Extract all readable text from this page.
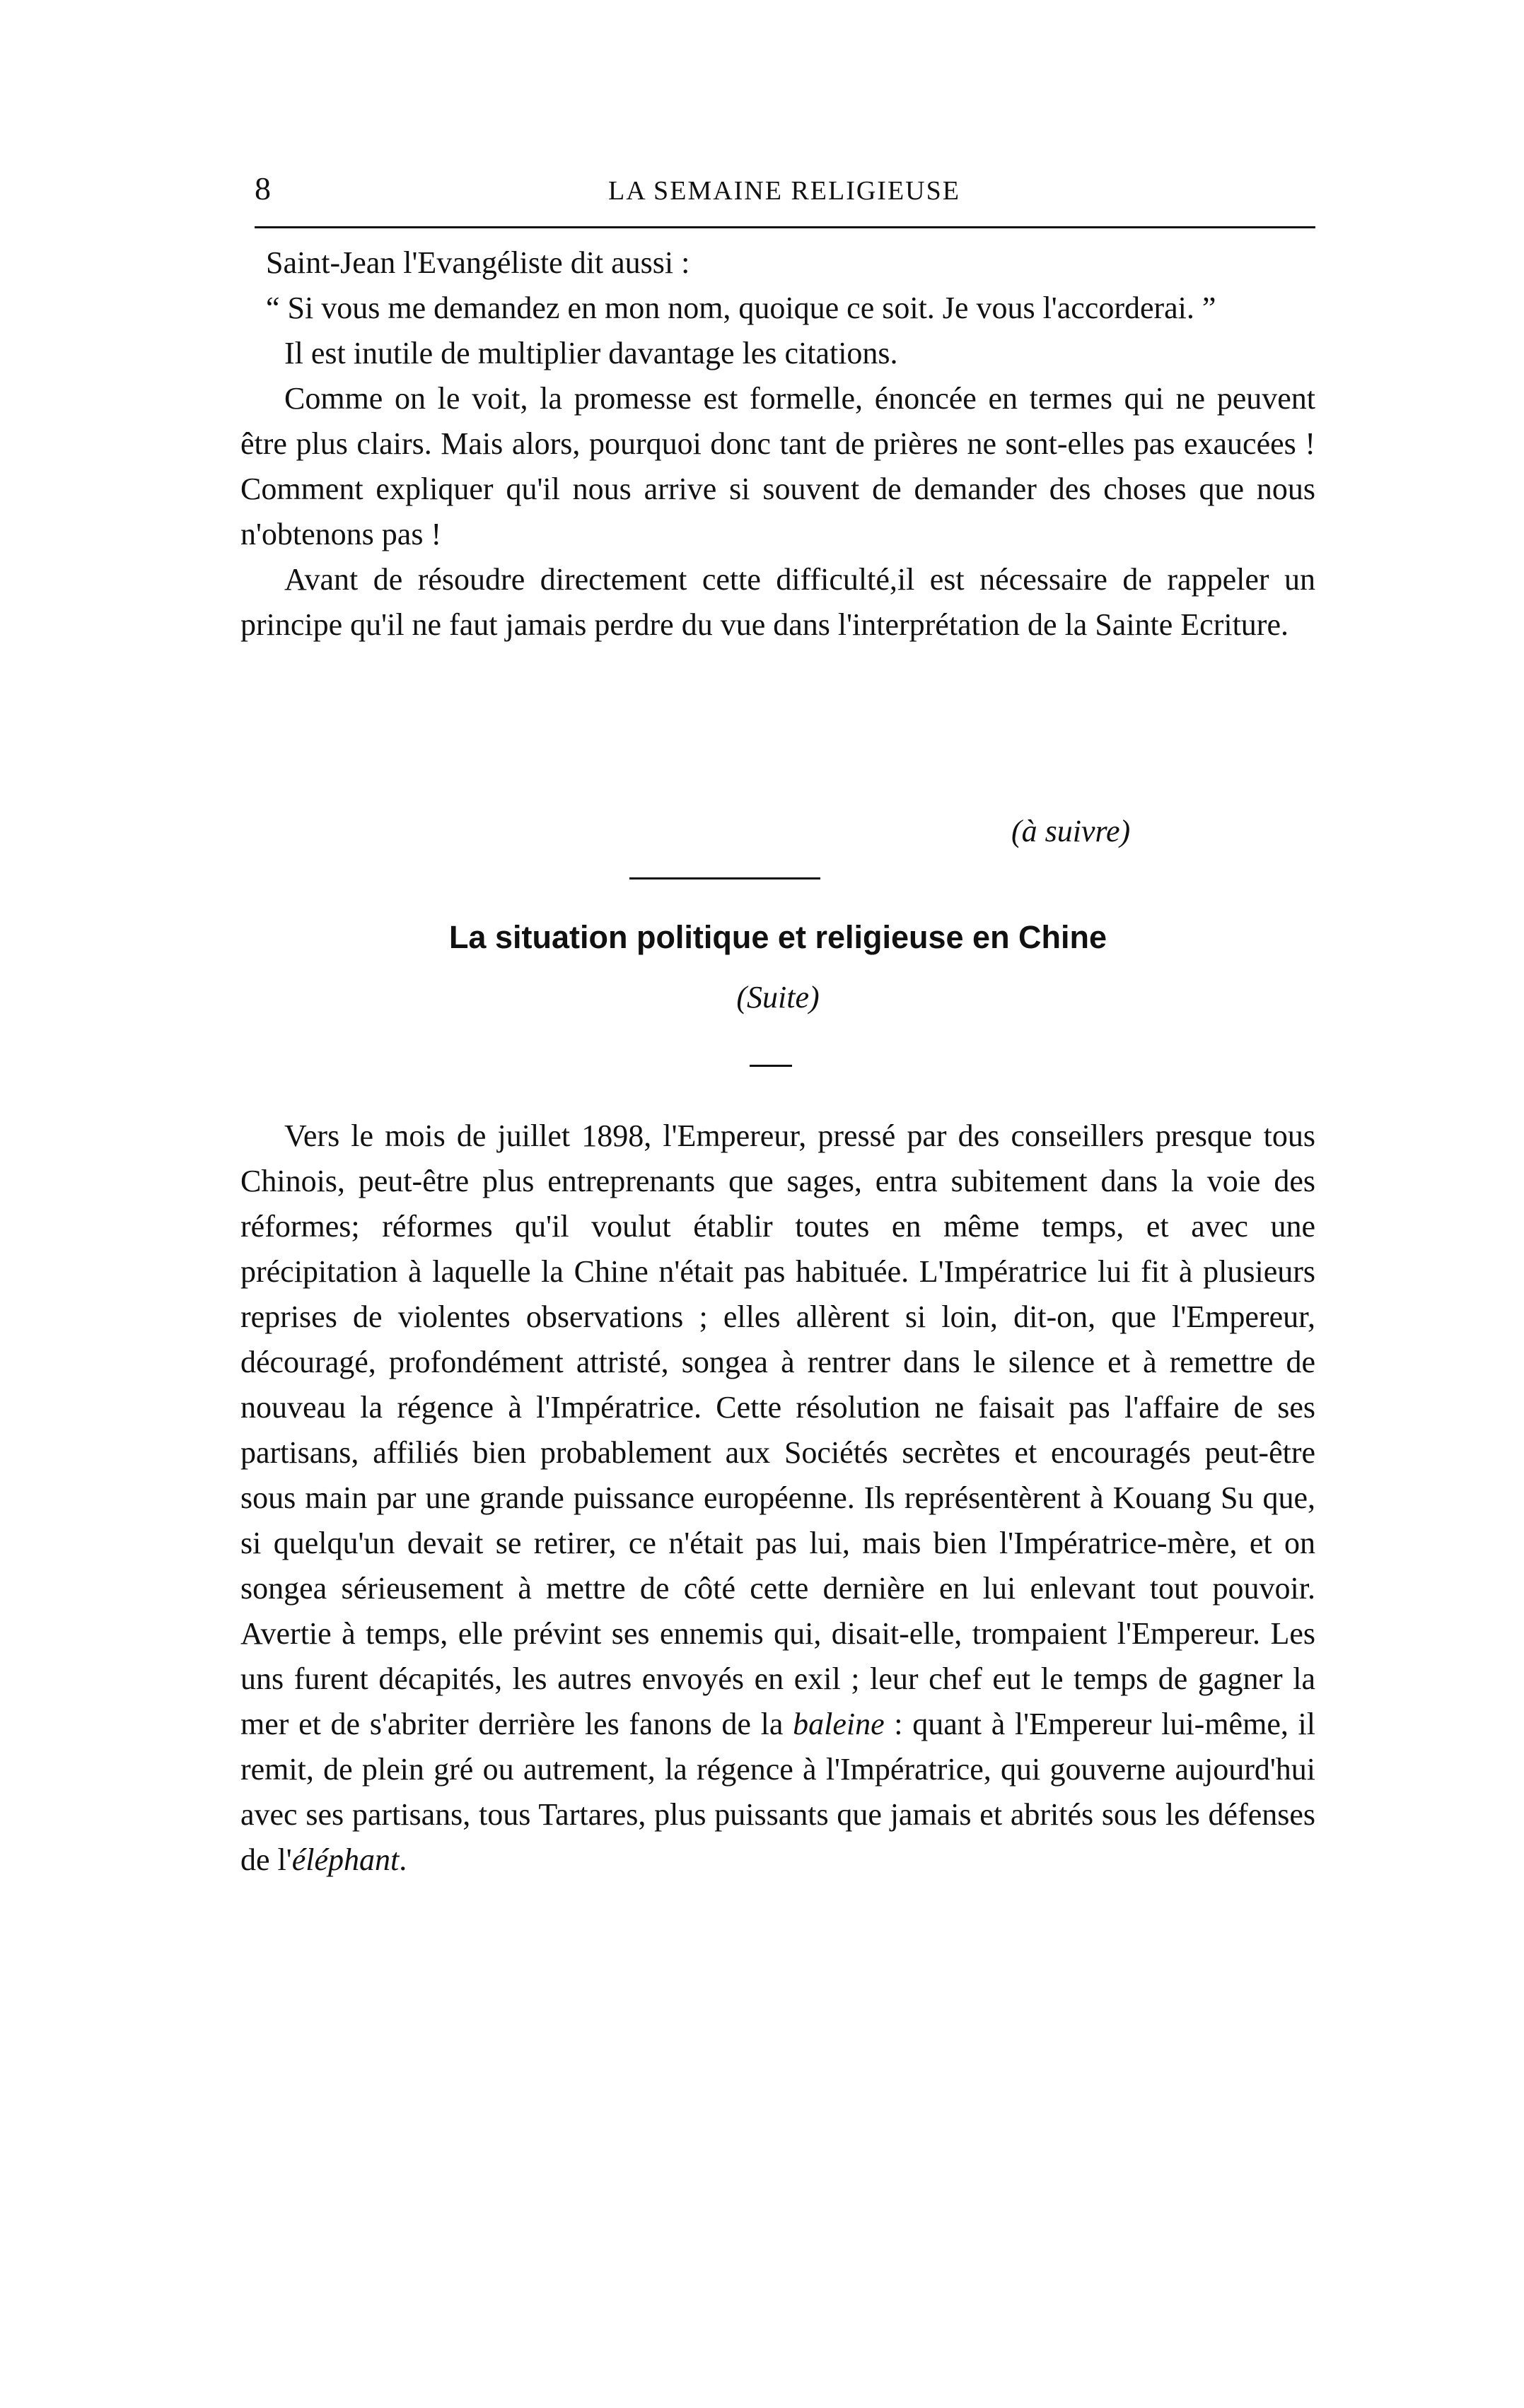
8	LA SEMAINE RELIGIEUSE

Saint-Jean l'Evangéliste dit aussi :

“ Si vous me demandez en mon nom, quoique ce soit. Je vous l'accorderai. ”

Il est inutile de multiplier davantage les citations.

Comme on le voit, la promesse est formelle, énoncée en termes qui ne peuvent être plus clairs. Mais alors, pourquoi donc tant de prières ne sont-elles pas exaucées ! Comment expliquer qu'il nous arrive si souvent de demander des choses que nous n'obtenons pas !

Avant de résoudre directement cette difficulté,il est nécessaire de rappeler un principe qu'il ne faut jamais perdre du vue dans l'interprétation de la Sainte Ecriture.

(à suivre)
La situation politique et religieuse en Chine
(Suite)

Vers le mois de juillet 1898, l'Empereur, pressé par des conseillers presque tous Chinois, peut-être plus entreprenants que sages, entra subitement dans la voie des réformes; réformes qu'il voulut établir toutes en même temps, et avec une précipitation à laquelle la Chine n'était pas habituée. L'Impératrice lui fit à plusieurs reprises de violentes observations ; elles allèrent si loin, dit-on, que l'Empereur, découragé, profondément attristé, songea à rentrer dans le silence et à remettre de nouveau la régence à l'Impératrice. Cette résolution ne faisait pas l'affaire de ses partisans, affiliés bien probablement aux Sociétés secrètes et encouragés peut-être sous main par une grande puissance européenne. Ils représentèrent à Kouang Su que, si quelqu'un devait se retirer, ce n'était pas lui, mais bien l'Impératrice-mère, et on songea sérieusement à mettre de côté cette dernière en lui enlevant tout pouvoir. Avertie à temps, elle prévint ses ennemis qui, disait-elle, trompaient l'Empereur. Les uns furent décapités, les autres envoyés en exil ; leur chef eut le temps de gagner la mer et de s'abriter derrière les fanons de la baleine : quant à l'Empereur lui-même, il remit, de plein gré ou autrement, la régence à l'Impératrice, qui gouverne aujourd'hui avec ses partisans, tous Tartares, plus puissants que jamais et abrités sous les défenses de l'éléphant.
